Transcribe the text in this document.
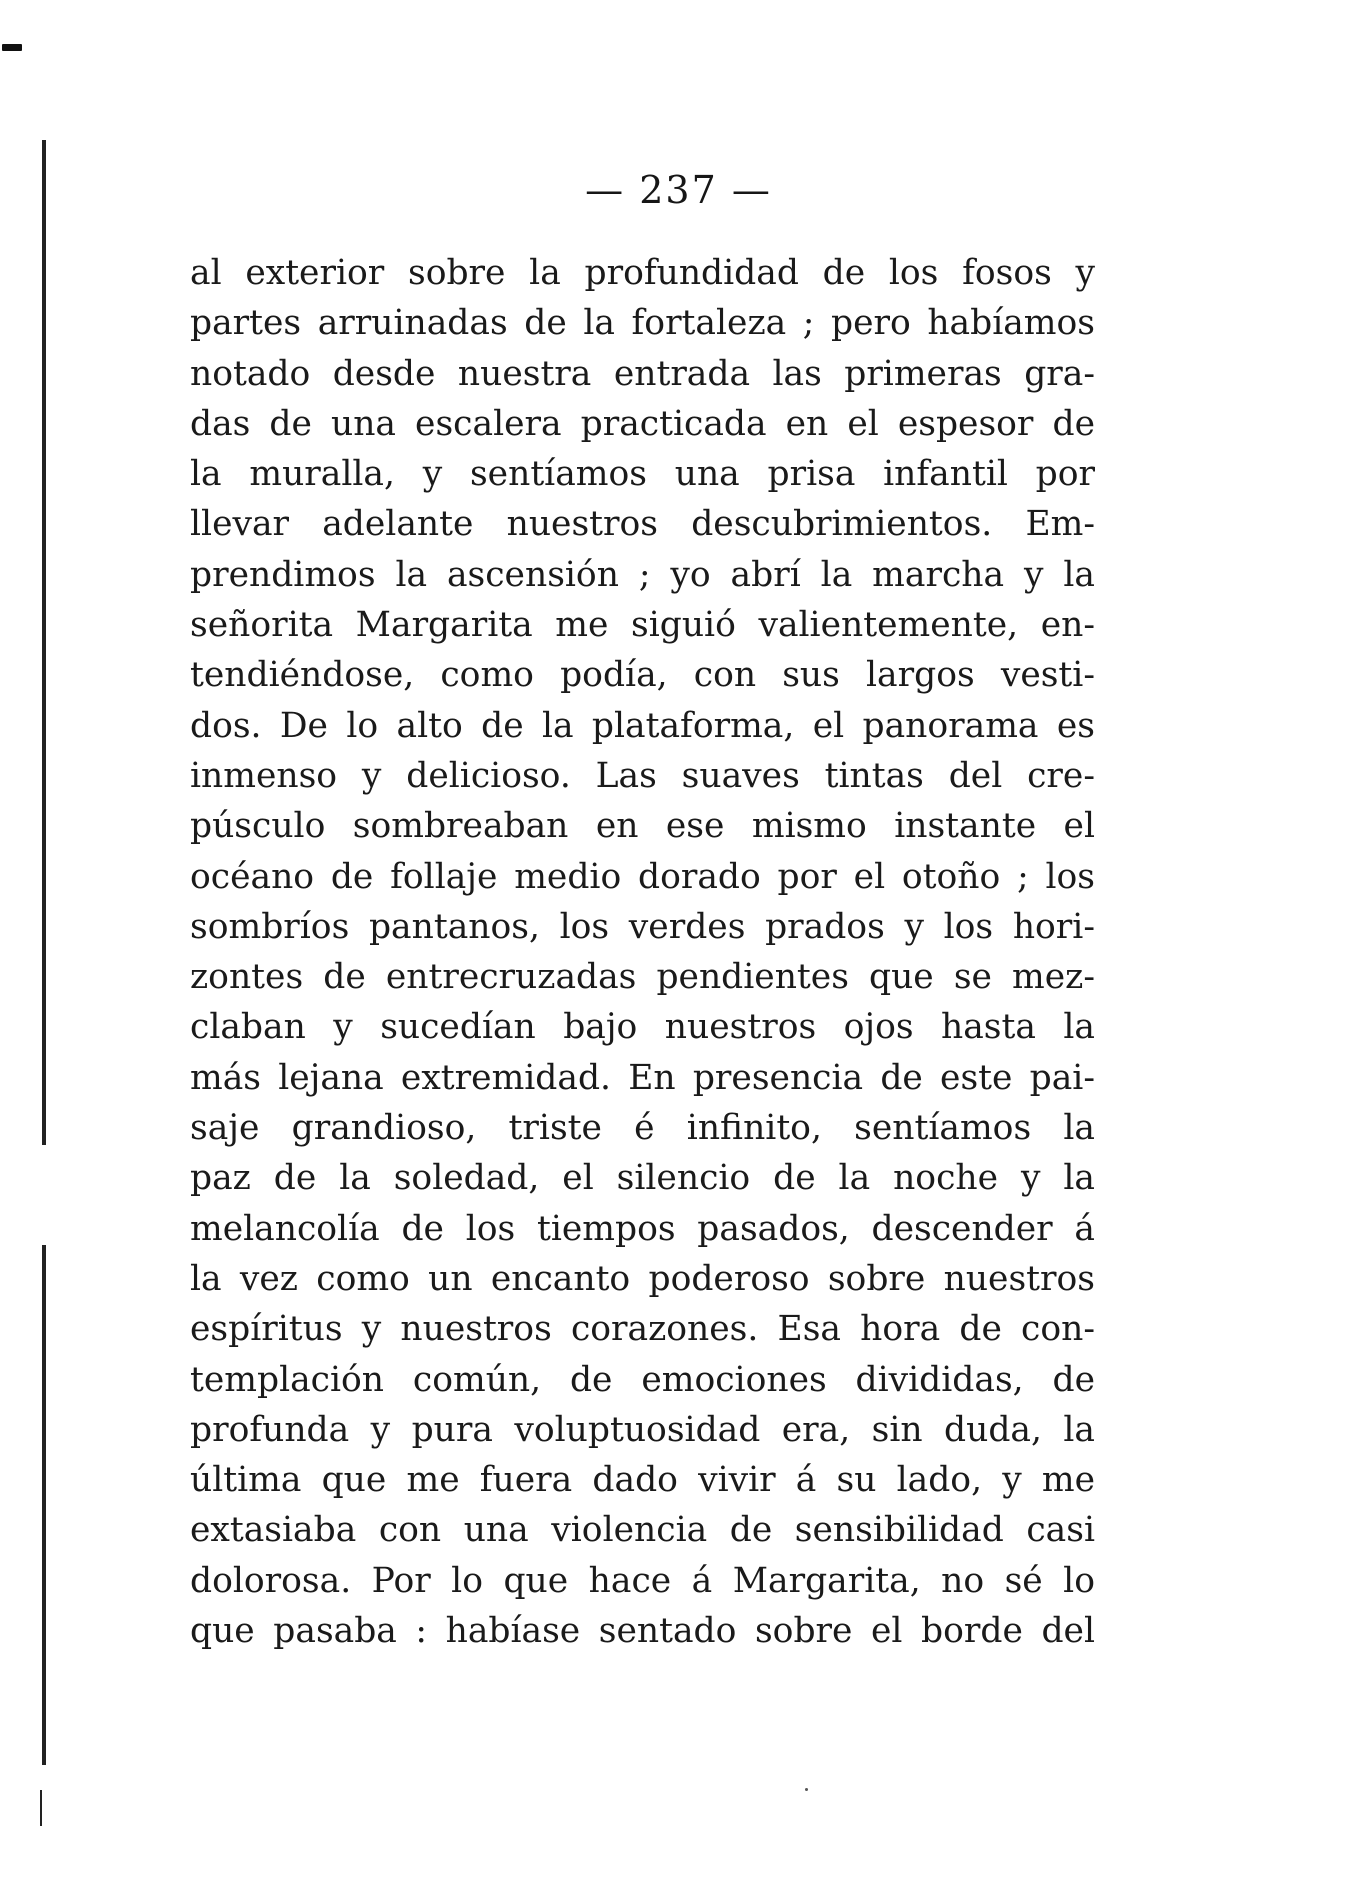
— 237 —
al exterior sobre la profundidad de los fosos y
partes arruinadas de la fortaleza ; pero habíamos
notado desde nuestra entrada las primeras gra-
das de una escalera practicada en el espesor de
la muralla, y sentíamos una prisa infantil por
llevar adelante nuestros descubrimientos. Em-
prendimos la ascensión ; yo abrí la marcha y la
señorita Margarita me siguió valientemente, en-
tendiéndose, como podía, con sus largos vesti-
dos. De lo alto de la plataforma, el panorama es
inmenso y delicioso. Las suaves tintas del cre-
púsculo sombreaban en ese mismo instante el
océano de follaje medio dorado por el otoño ; los
sombríos pantanos, los verdes prados y los hori-
zontes de entrecruzadas pendientes que se mez-
claban y sucedían bajo nuestros ojos hasta la
más lejana extremidad. En presencia de este pai-
saje grandioso, triste é infinito, sentíamos la
paz de la soledad, el silencio de la noche y la
melancolía de los tiempos pasados, descender á
la vez como un encanto poderoso sobre nuestros
espíritus y nuestros corazones. Esa hora de con-
templación común, de emociones divididas, de
profunda y pura voluptuosidad era, sin duda, la
última que me fuera dado vivir á su lado, y me
extasiaba con una violencia de sensibilidad casi
dolorosa. Por lo que hace á Margarita, no sé lo
que pasaba : habíase sentado sobre el borde del
